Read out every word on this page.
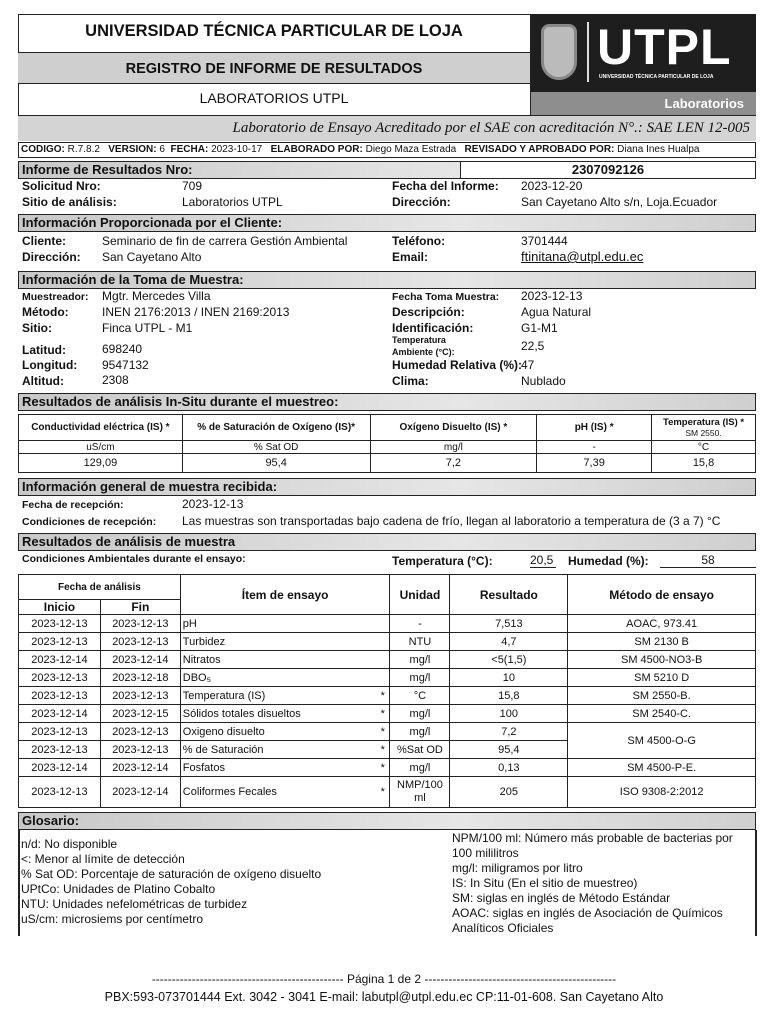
UNIVERSIDAD TÉCNICA PARTICULAR DE LOJA
REGISTRO DE INFORME DE RESULTADOS
LABORATORIOS UTPL
UTPL
UNIVERSIDAD TÉCNICA PARTICULAR DE LOJA
Laboratorios
Laboratorio de Ensayo Acreditado por el SAE con acreditación N°.: SAE LEN 12-005
CODIGO: R.7.8.2 VERSION: 6 FECHA: 2023-10-17 ELABORADO POR: Diego Maza Estrada REVISADO Y APROBADO POR: Diana Ines Hualpa
Informe de Resultados Nro:	2307092126
Solicitud Nro:	709	Fecha del Informe: 2023-12-20
Sitio de análisis:	Laboratorios UTPL	Dirección:	San Cayetano Alto s/n, Loja.Ecuador
Información Proporcionada por el Cliente:
Cliente:	Seminario de fin de carrera Gestión Ambiental	Teléfono:	3701444
Dirección: San Cayetano Alto	Email:	ftinitana@utpl.edu.ec
Información de la Toma de Muestra:
Muestreador: Mgtr. Mercedes Villa	Fecha Toma Muestra: 2023-12-13
Método:	INEN 2176:2013 / INEN 2169:2013	Descripción:	Agua Natural
Sitio:	Finca UTPL - M1	Identificación:	G1-M1
Temperatura
Ambiente (°C):	22,5
Latitud:	698240
Longitud: 9547132	Humedad Relativa (%):
47
Altitud:	2308	Clima:	Nublado
Resultados de análisis In-Situ durante el muestreo:
Conductividad eléctrica (IS) *	% de Saturación de Oxígeno (IS)*	Oxígeno Disuelto (IS) *	pH (IS) *	Temperatura (IS) *
SM 2550.

uS/cm	% Sat OD	mg/l	-	°C
129,09	95,4	7,2	7,39	15,8
Información general de muestra recibida:
Fecha de recepción:	2023-12-13
Condiciones de recepción: Las muestras son transportadas bajo cadena de frío, llegan al laboratorio a temperatura de (3 a 7) °C
Resultados de análisis de muestra
Condiciones Ambientales durante el ensayo:	Temperatura (°C):	20,5 Humedad (%):	58
Fecha de análisis		Ítem de ensayo		Unidad	Resultado	Método de ensayo
Inicio	Fin					
2023-12-13	2023-12-13	pH		-	7,513	AOAC, 973.41
2023-12-13	2023-12-13	Turbidez		NTU	4,7	SM 2130 B
2023-12-14	2023-12-14	Nitratos		mg/l	<5(1,5)	SM 4500-NO3-B
2023-12-13	2023-12-18	DBO₅		mg/l	10	SM 5210 D
2023-12-13	2023-12-13	Temperatura (IS)	*	°C	15,8	SM 2550-B.
2023-12-14	2023-12-15	Sólidos totales disueltos	*	mg/l	100	SM 2540-C.
2023-12-13	2023-12-13	Oxigeno disuelto	*	mg/l	7,2	SM 4500-O-G
2023-12-13	2023-12-13	% de Saturación	*	%Sat OD	95,4	
2023-12-14	2023-12-14	Fosfatos	*	mg/l	0,13	SM 4500-P-E.
2023-12-13	2023-12-14	Coliformes Fecales	*	NMP/100ml	205	ISO 9308-2:2012
Glosario:
n/d: No disponible
<: Menor al límite de detección
% Sat OD: Porcentaje de saturación de oxígeno disuelto
UPtCo: Unidades de Platino Cobalto
NTU: Unidades nefelométricas de turbidez
uS/cm: microsiems por centímetro
NPM/100 ml: Número más probable de bacterias por
100 mililitros
mg/l: miligramos por litro
IS: In Situ (En el sitio de muestreo)
SM: siglas en inglés de Método Estándar
AOAC: siglas en inglés de Asociación de Químicos
Analíticos Oficiales
------------------------------------------------ Página 1 de 2 ------------------------------------------------
PBX:593-073701444 Ext. 3042 - 3041 E-mail: labutpl@utpl.edu.ec CP:11-01-608. San Cayetano Alto
